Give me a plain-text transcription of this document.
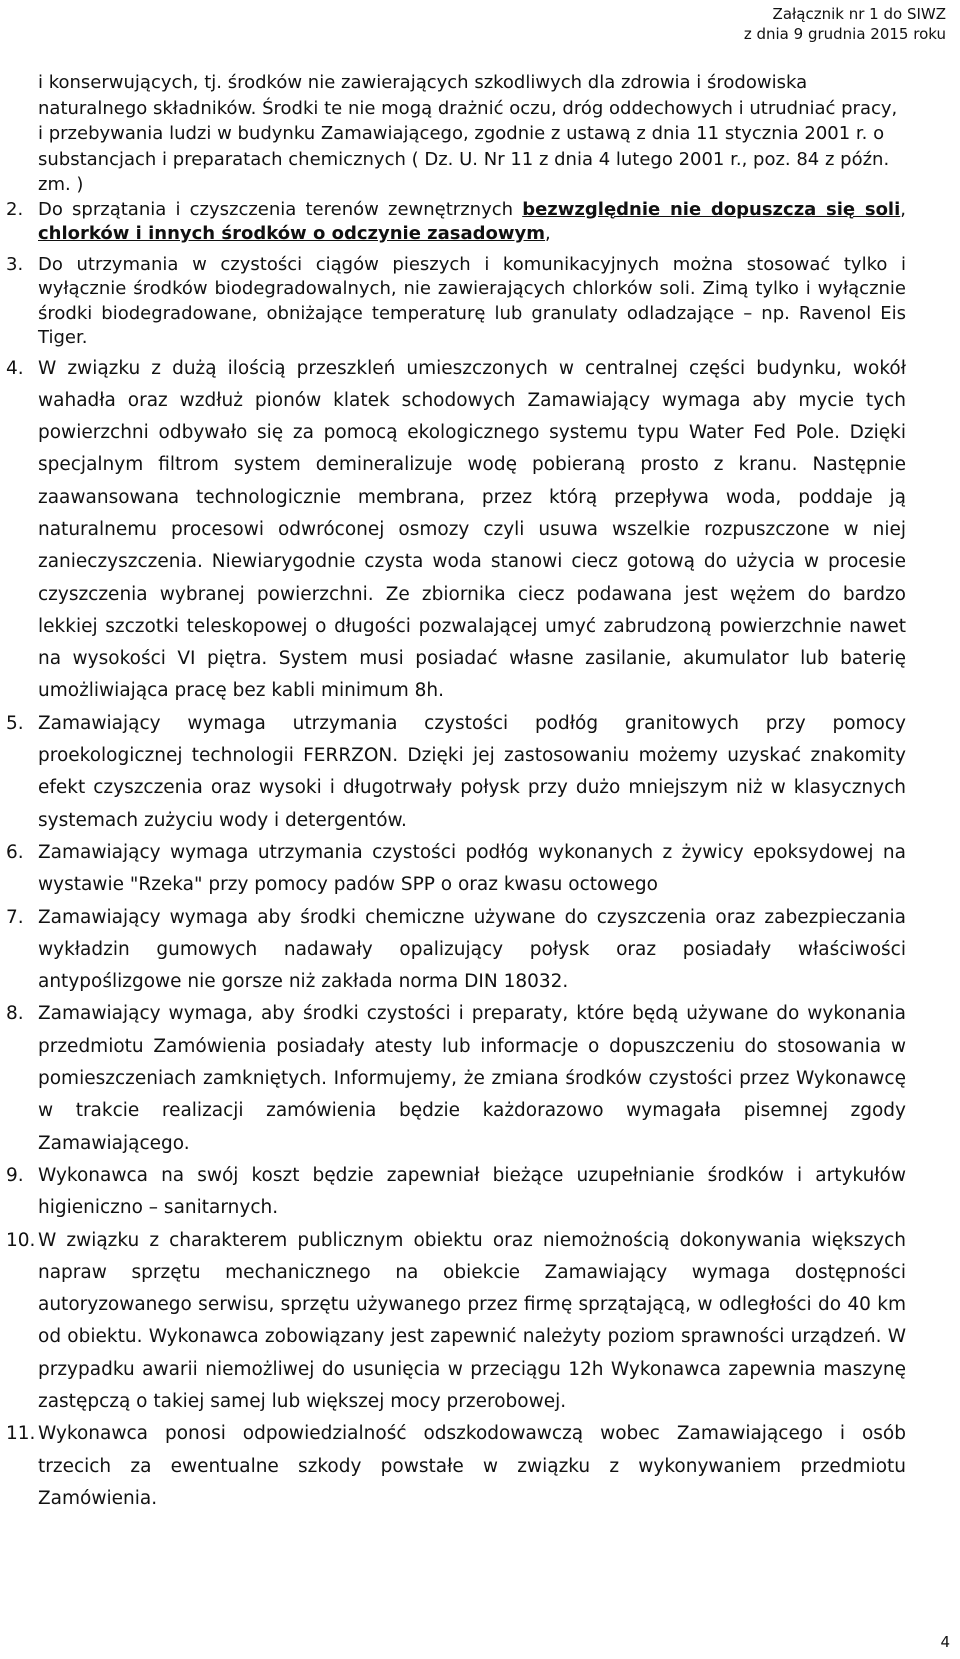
Załącznik nr 1 do SIWZ
z dnia 9 grudnia 2015 roku
i konserwujących, tj. środków nie zawierających szkodliwych dla zdrowia i środowiska naturalnego składników. Środki te nie mogą drażnić oczu, dróg oddechowych i utrudniać pracy, i przebywania ludzi w budynku Zamawiającego, zgodnie z ustawą z dnia 11 stycznia 2001 r. o substancjach i preparatach chemicznych ( Dz. U. Nr 11 z dnia 4 lutego 2001 r., poz. 84 z późn. zm. )
2. Do sprzątania i czyszczenia terenów zewnętrznych bezwzględnie nie dopuszcza się soli, chlorków i innych środków o odczynie zasadowym,
3. Do utrzymania w czystości ciągów pieszych i komunikacyjnych można stosować tylko i wyłącznie środków biodegradowalnych, nie zawierających chlorków soli. Zimą tylko i wyłącznie środki biodegradowane, obniżające temperaturę lub granulaty odladzające – np. Ravenol Eis Tiger.
4. W związku z dużą ilością przeszkleń umieszczonych w centralnej części budynku, wokół wahadła oraz wzdłuż pionów klatek schodowych Zamawiający wymaga aby mycie tych powierzchni odbywało się za pomocą ekologicznego systemu typu Water Fed Pole. Dzięki specjalnym filtrom system demineralizuje wodę pobieraną prosto z kranu. Następnie zaawansowana technologicznie membrana, przez którą przepływa woda, poddaje ją naturalnemu procesowi odwróconej osmozy czyli usuwa wszelkie rozpuszczone w niej zanieczyszczenia. Niewiarygodnie czysta woda stanowi ciecz gotową do użycia w procesie czyszczenia wybranej powierzchni. Ze zbiornika ciecz podawana jest wężem do bardzo lekkiej szczotki teleskopowej o długości pozwalającej umyć zabrudzoną powierzchnie nawet na wysokości VI piętra. System musi posiadać własne zasilanie, akumulator lub baterię umożliwiająca pracę bez kabli minimum 8h.
5. Zamawiający wymaga utrzymania czystości podłóg granitowych przy pomocy proekologicznej technologii FERRZON. Dzięki jej zastosowaniu możemy uzyskać znakomity efekt czyszczenia oraz wysoki i długotrwały połysk przy dużo mniejszym niż w klasycznych systemach zużyciu wody i detergentów.
6. Zamawiający wymaga utrzymania czystości podłóg wykonanych z żywicy epoksydowej na wystawie "Rzeka" przy pomocy padów SPP o oraz kwasu octowego
7. Zamawiający wymaga aby środki chemiczne używane do czyszczenia oraz zabezpieczania wykładzin gumowych nadawały opalizujący połysk oraz posiadały właściwości antypoślizgowe nie gorsze niż zakłada norma DIN 18032.
8. Zamawiający wymaga, aby środki czystości i preparaty, które będą używane do wykonania przedmiotu Zamówienia posiadały atesty lub informacje o dopuszczeniu do stosowania w pomieszczeniach zamkniętych. Informujemy, że zmiana środków czystości przez Wykonawcę w trakcie realizacji zamówienia będzie każdorazowo wymagała pisemnej zgody Zamawiającego.
9. Wykonawca na swój koszt będzie zapewniał bieżące uzupełnianie środków i artykułów higieniczno – sanitarnych.
10. W związku z charakterem publicznym obiektu oraz niemożnością dokonywania większych napraw sprzętu mechanicznego na obiekcie Zamawiający wymaga dostępności autoryzowanego serwisu, sprzętu używanego przez firmę sprzątającą, w odległości do 40 km od obiektu. Wykonawca zobowiązany jest zapewnić należyty poziom sprawności urządzeń. W przypadku awarii niemożliwej do usunięcia w przeciągu 12h Wykonawca zapewnia maszynę zastępczą o takiej samej lub większej mocy przerobowej.
11. Wykonawca ponosi odpowiedzialność odszkodowawczą wobec Zamawiającego i osób trzecich za ewentualne szkody powstałe w związku z wykonywaniem przedmiotu Zamówienia.
4
